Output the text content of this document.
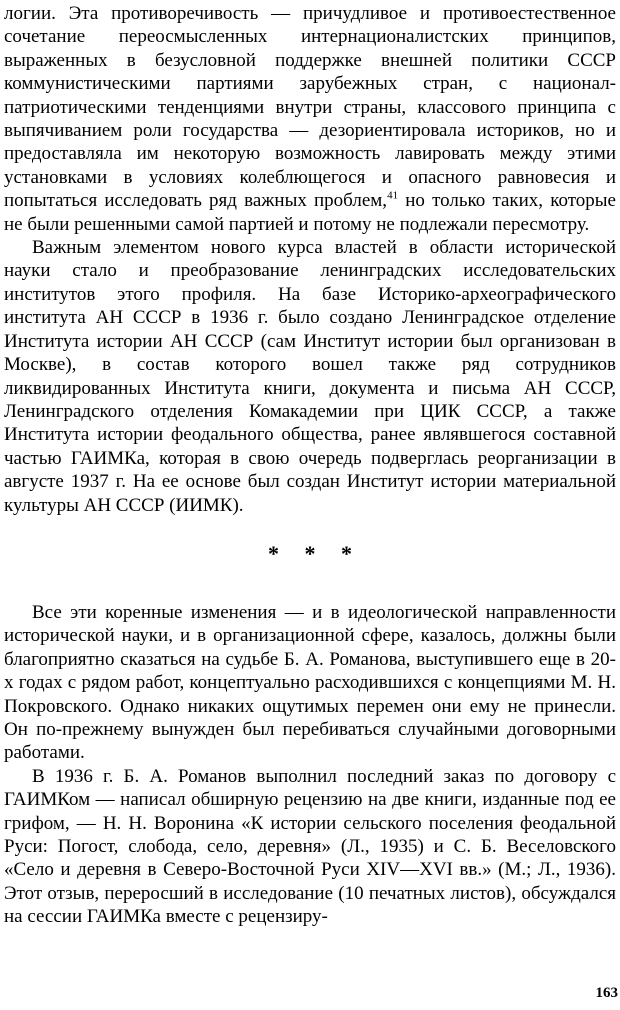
логии. Эта противоречивость — причудливое и противоестественное сочетание переосмысленных интернационалистских принципов, выраженных в безусловной поддержке внешней политики СССР коммунистическими партиями зарубежных стран, с национал-патриотическими тенденциями внутри страны, классового принципа с выпячиванием роли государства — дезориентировала историков, но и предоставляла им некоторую возможность лавировать между этими установками в условиях колеблющегося и опасного равновесия и попытаться исследовать ряд важных проблем,$^{41}$ но только таких, которые не были решенными самой партией и потому не подлежали пересмотру.

Важным элементом нового курса властей в области исторической науки стало и преобразование ленинградских исследовательских институтов этого профиля. На базе Историко-археографического института АН СССР в 1936 г. было создано Ленинградское отделение Института истории АН СССР (сам Институт истории был организован в Москве), в состав которого вошел также ряд сотрудников ликвидированных Института книги, документа и письма АН СССР, Ленинградского отделения Комакадемии при ЦИК СССР, а также Института истории феодального общества, ранее являвшегося составной частью ГАИМКа, которая в свою очередь подверглась реорганизации в августе 1937 г. На ее основе был создан Институт истории материальной культуры АН СССР (ИИМК).

* * *

Все эти коренные изменения — и в идеологической направленности исторической науки, и в организационной сфере, казалось, должны были благоприятно сказаться на судьбе Б. А. Романова, выступившего еще в 20-х годах с рядом работ, концептуально расходившихся с концепциями М. Н. Покровского. Однако никаких ощутимых перемен они ему не принесли. Он по-прежнему вынужден был перебиваться случайными договорными работами.

В 1936 г. Б. А. Романов выполнил последний заказ по договору с ГАИМКом — написал обширную рецензию на две книги, изданные под ее грифом, — Н. Н. Воронина «К истории сельского поселения феодальной Руси: Погост, слобода, село, деревня» (Л., 1935) и С. Б. Веселовского «Село и деревня в Северо-Восточной Руси XIV—XVI вв.» (М.; Л., 1936). Этот отзыв, переросший в исследование (10 печатных листов), обсуждался на сессии ГАИМКа вместе с рецензиру-

163
